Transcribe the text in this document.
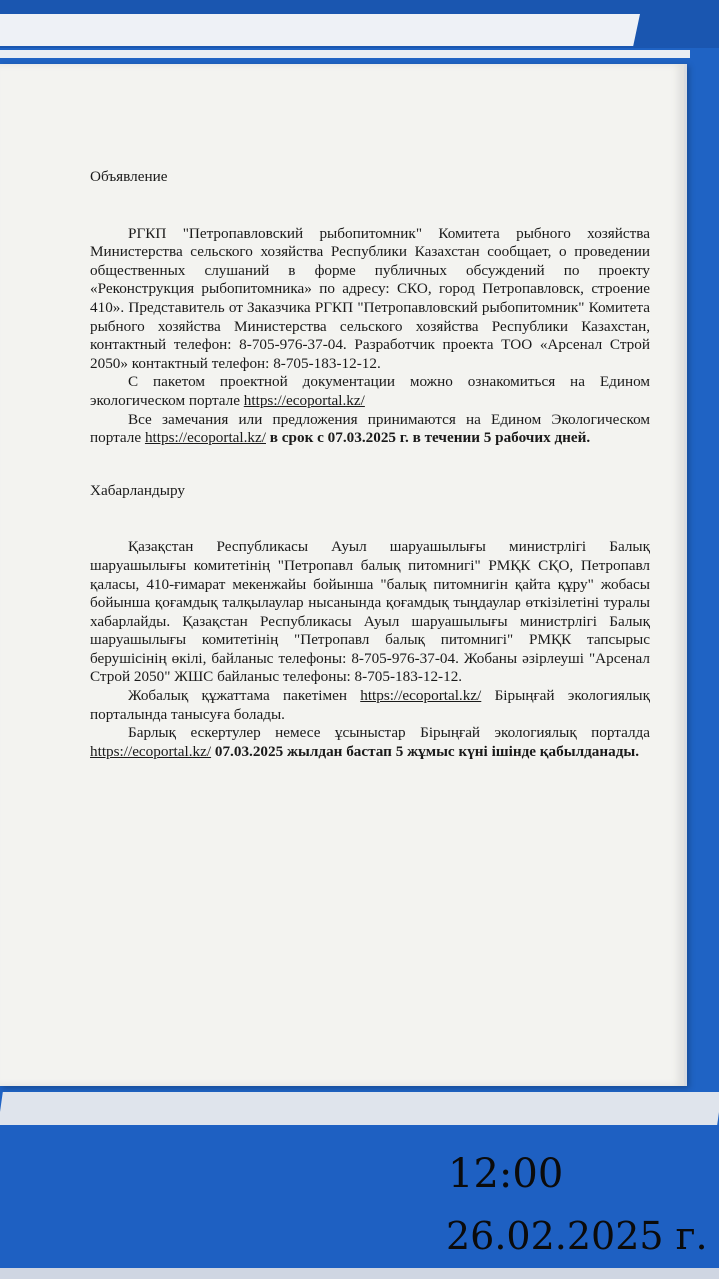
Объявление

РГКП "Петропавловский рыбопитомник" Комитета рыбного хозяйства Министерства сельского хозяйства Республики Казахстан сообщает, о проведении общественных слушаний в форме публичных обсуждений по проекту «Реконструкция рыбопитомника» по адресу: СКО, город Петропавловск, строение 410». Представитель от Заказчика РГКП "Петропавловский рыбопитомник" Комитета рыбного хозяйства Министерства сельского хозяйства Республики Казахстан, контактный телефон: 8-705-976-37-04. Разработчик проекта ТОО «Арсенал Строй 2050» контактный телефон: 8-705-183-12-12.

С пакетом проектной документации можно ознакомиться на Едином экологическом портале https://ecoportal.kz/

Все замечания или предложения принимаются на Едином Экологическом портале https://ecoportal.kz/ в срок с 07.03.2025 г. в течении 5 рабочих дней.

Хабарландыру

Қазақстан Республикасы Ауыл шаруашылығы министрлігі Балық шаруашылығы комитетінің "Петропавл балық питомнигі" РМҚК СҚО, Петропавл қаласы, 410-ғимарат мекенжайы бойынша "балық питомнигін қайта құру" жобасы бойынша қоғамдық талқылаулар нысанында қоғамдық тыңдаулар өткізілетіні туралы хабарлайды. Қазақстан Республикасы Ауыл шаруашылығы министрлігі Балық шаруашылығы комитетінің "Петропавл балық питомнигі" РМҚК тапсырыс берушісінің өкілі, байланыс телефоны: 8-705-976-37-04. Жобаны әзірлеуші "Арсенал Строй 2050" ЖШС байланыс телефоны: 8-705-183-12-12.

Жобалық құжаттама пакетімен https://ecoportal.kz/ Бірыңғай экологиялық порталында танысуға болады.

Барлық ескертулер немесе ұсыныстар Бірыңғай экологиялық порталда https://ecoportal.kz/ 07.03.2025 жылдан бастап 5 жұмыс күні ішінде қабылданады.

12:00
26.02.2025 г.
